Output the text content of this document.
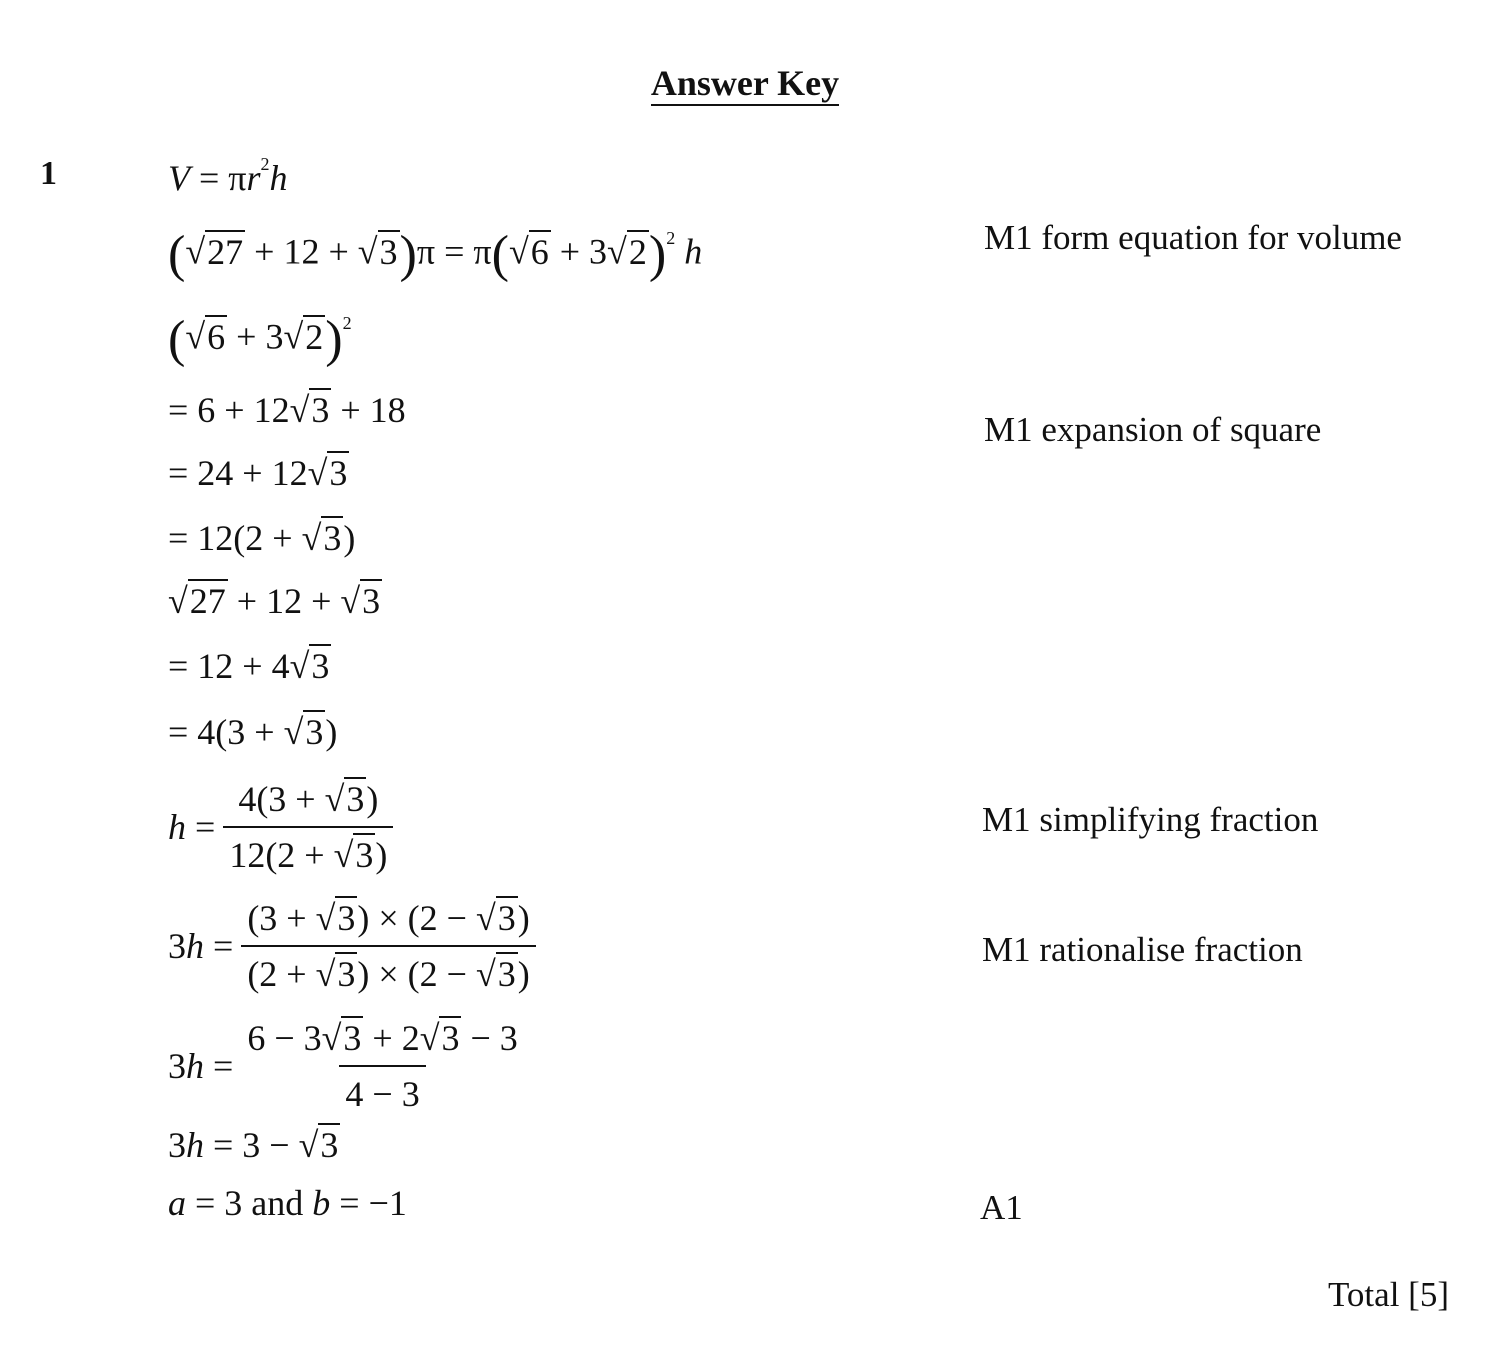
Answer Key
1	$V = \pi r^2h$
$(√27 + 12 + √3)\pi = \pi(√6 + 3√2)^2$ h
$(√6 + 3√2)^2$
= 6 + 12√3 + 18
= 24 + 12√3
= 12(2 + √3)
√27 + 12 + √3
= 12 + 4√3
= 4(3 + √3)
$h = \frac{4(3 + √3)}{12(2 + √3)}$
$3h = \frac{(3 + √3) \times (2 - √3)}{(2 + √3) \times (2 - √3)}$
$3h = \frac{6 - 3√3 + 2√3 - 3}{4 - 3}$
3h = 3 − √3
a = 3 and b = −1
M1 form equation for volume
M1 expansion of square
M1 simplifying fraction
M1 rationalise fraction
A1
Total [5]
